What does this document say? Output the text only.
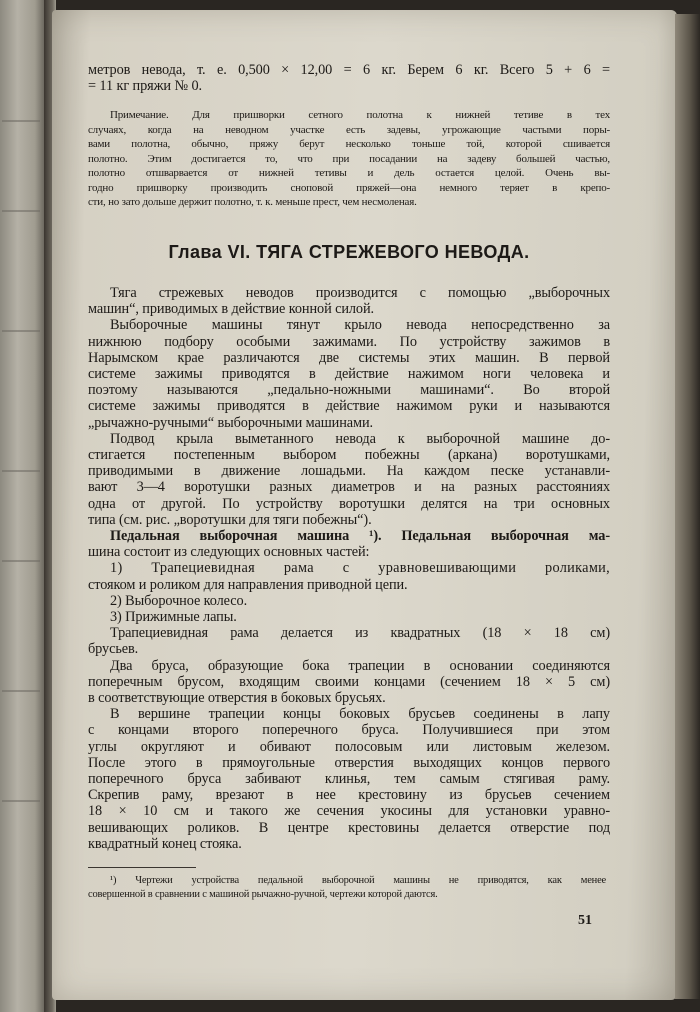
метров невода, т. е. 0,500 × 12,00 = 6 кг. Берем 6 кг. Всего 5 + 6 =
= 11 кг пряжи № 0.
Примечание. Для пришворки сетного полотна к нижней тетиве в тех
случаях, когда на неводном участке есть задевы, угрожающие частыми поры-
вами полотна, обычно, пряжу берут несколько тоньше той, которой сшивается
полотно. Этим достигается то, что при посадании на задеву большей частью,
полотно отшварвается от нижней тетивы и дель остается целой. Очень вы-
годно пришворку производить сноповой пряжей—она немного теряет в крепо-
сти, но зато дольше держит полотно, т. к. меньше прест, чем несмоленая.
Глава VI. ТЯГА СТРЕЖЕВОГО НЕВОДА.
Тяга стрежевых неводов производится с помощью „выборочных
машин“, приводимых в действие конной силой.
Выборочные машины тянут крыло невода непосредственно за
нижнюю подбору особыми зажимами. По устройству зажимов в
Нарымском крае различаются две системы этих машин. В первой
системе зажимы приводятся в действие нажимом ноги человека и
поэтому называются „педально-ножными машинами“. Во второй
системе зажимы приводятся в действие нажимом руки и называются
„рычажно-ручными“ выборочными машинами.
Подвод крыла выметанного невода к выборочной машине до-
стигается постепенным выбором побежны (аркана) воротушками,
приводимыми в движение лошадьми. На каждом песке устанавли-
вают 3—4 воротушки разных диаметров и на разных расстояниях
одна от другой. По устройству воротушки делятся на три основных
типа (см. рис. „воротушки для тяги побежны“).
Педальная выборочная машина ¹). Педальная выборочная ма-
шина состоит из следующих основных частей:
1) Трапециевидная рама с уравновешивающими роликами,
стояком и роликом для направления приводной цепи.
2) Выборочное колесо.
3) Прижимные лапы.
Трапециевидная рама делается из квадратных (18 × 18 см)
брусьев.
Два бруса, образующие бока трапеции в основании соединяются
поперечным брусом, входящим своими концами (сечением 18 × 5 см)
в соответствующие отверстия в боковых брусьях.
В вершине трапеции концы боковых брусьев соединены в лапу
с концами второго поперечного бруса. Получившиеся при этом
углы округляют и обивают полосовым или листовым железом.
После этого в прямоугольные отверстия выходящих концов первого
поперечного бруса забивают клинья, тем самым стягивая раму.
Скрепив раму, врезают в нее крестовину из брусьев сечением
18 × 10 см и такого же сечения укосины для установки уравно-
вешивающих роликов. В центре крестовины делается отверстие под
квадратный конец стояка.
¹) Чертежи устройства педальной выборочной машины не приводятся, как менее
совершенной в сравнении с машиной рычажно-ручной, чертежи которой даются.
51
